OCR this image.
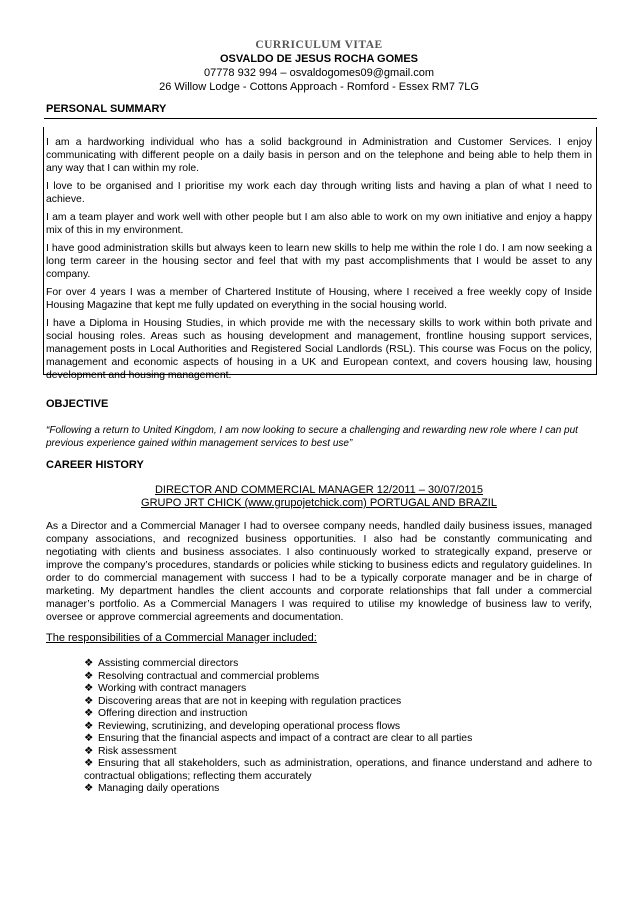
CURRICULUM VITAE
OSVALDO DE JESUS ROCHA GOMES
07778 932 994 – osvaldogomes09@gmail.com
26 Willow Lodge - Cottons Approach - Romford - Essex RM7 7LG
PERSONAL SUMMARY
I am a hardworking individual who has a solid background in Administration and Customer Services. I enjoy communicating with different people on a daily basis in person and on the telephone and being able to help them in any way that I can within my role.
I love to be organised and I prioritise my work each day through writing lists and having a plan of what I need to achieve.
I am a team player and work well with other people but I am also able to work on my own initiative and enjoy a happy mix of this in my environment.
I have good administration skills but always keen to learn new skills to help me within the role I do. I am now seeking a long term career in the housing sector and feel that with my past accomplishments that I would be asset to any company.
For over 4 years I was a member of Chartered Institute of Housing, where I received a free weekly copy of Inside Housing Magazine that kept me fully updated on everything in the social housing world.
I have a Diploma in Housing Studies, in which provide me with the necessary skills to work within both private and social housing roles. Areas such as housing development and management, frontline housing support services, management posts in Local Authorities and Registered Social Landlords (RSL). This course was Focus on the policy, management and economic aspects of housing in a UK and European context, and covers housing law, housing development and housing management.
OBJECTIVE
“Following a return to United Kingdom, I am now looking to secure a challenging and rewarding new role where I can put previous experience gained within management services to best use”
CAREER HISTORY
DIRECTOR AND COMMERCIAL MANAGER 12/2011 – 30/07/2015
GRUPO JRT CHICK (www.grupojetchick.com) PORTUGAL AND BRAZIL
As a Director and a Commercial Manager I had to oversee company needs, handled daily business issues, managed company associations, and recognized business opportunities. I also had be constantly communicating and negotiating with clients and business associates. I also continuously worked to strategically expand, preserve or improve the company’s procedures, standards or policies while sticking to business edicts and regulatory guidelines. In order to do commercial management with success I had to be a typically corporate manager and be in charge of marketing. My department handles the client accounts and corporate relationships that fall under a commercial manager’s portfolio. As a Commercial Managers I was required to utilise my knowledge of business law to verify, oversee or approve commercial agreements and documentation.
The responsibilities of a Commercial Manager included:
❖ Assisting commercial directors
❖ Resolving contractual and commercial problems
❖ Working with contract managers
❖ Discovering areas that are not in keeping with regulation practices
❖ Offering direction and instruction
❖ Reviewing, scrutinizing, and developing operational process flows
❖ Ensuring that the financial aspects and impact of a contract are clear to all parties
❖ Risk assessment
❖ Ensuring that all stakeholders, such as administration, operations, and finance understand and adhere to contractual obligations; reflecting them accurately
❖ Managing daily operations
